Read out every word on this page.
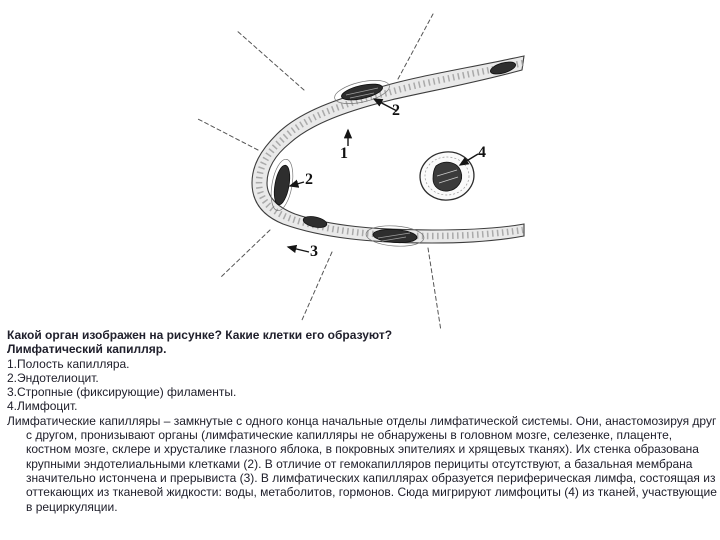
2
1	4
2
3

Какой орган изображен на рисунке? Какие клетки его образуют?

Лимфатический капилляр.

1.Полость капилляра.

2.Эндотелиоцит.

3.Стропные (фиксирующие) филаменты.

4.Лимфоцит.

Лимфатические капилляры – замкнутые с одного конца начальные отделы лимфатической системы. Они, анастомозируя друг с другом, пронизывают органы (лимфатические капилляры не обнаружены в головном мозге, селезенке, плаценте, костном мозге, склере и хрусталике глазного яблока, в покровных эпителиях и хрящевых тканях). Их стенка образована крупными эндотелиальными клетками (2). В отличие от гемокапилляров перициты отсутствуют, а базальная мембрана значительно истончена и прерывиста (3). В лимфатических капиллярах образуется периферическая лимфа, состоящая из оттекающих из тканевой жидкости: воды, метаболитов, гормонов. Сюда мигрируют лимфоциты (4) из тканей, участвующие в рециркуляции.
